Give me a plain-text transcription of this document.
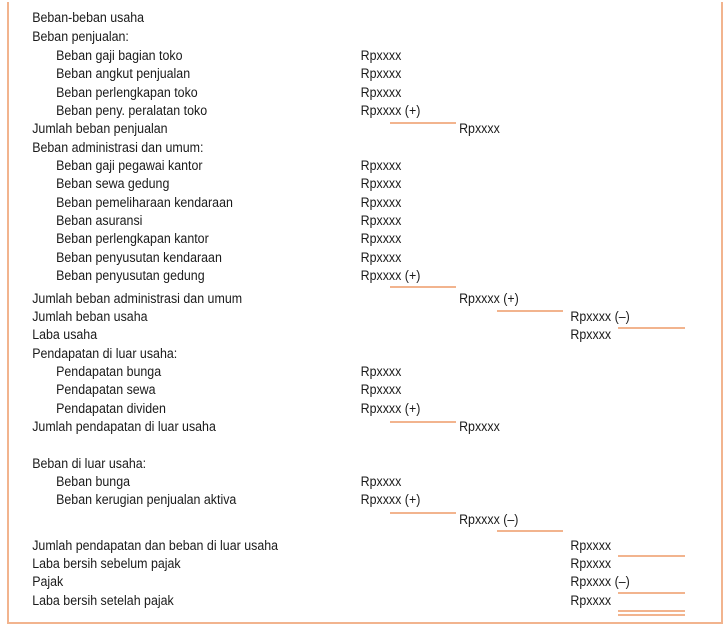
Beban-beban usaha
Beban penjualan:
Beban gaji bagian toko	Rpxxxx
Beban angkut penjualan	Rpxxxx
Beban perlengkapan toko	Rpxxxx
Beban peny. peralatan toko	Rpxxxx (+)
Jumlah beban penjualan	Rpxxxx
Beban administrasi dan umum:
Beban gaji pegawai kantor	Rpxxxx
Beban sewa gedung	Rpxxxx
Beban pemeliharaan kendaraan	Rpxxxx
Beban asuransi	Rpxxxx
Beban perlengkapan kantor	Rpxxxx
Beban penyusutan kendaraan	Rpxxxx
Beban penyusutan gedung	Rpxxxx (+)
Jumlah beban administrasi dan umum	Rpxxxx (+)
Jumlah beban usaha	Rpxxxx (–)
Laba usaha	Rpxxxx
Pendapatan di luar usaha:
Pendapatan bunga	Rpxxxx
Pendapatan sewa	Rpxxxx
Pendapatan dividen	Rpxxxx (+)
Jumlah pendapatan di luar usaha	Rpxxxx
Beban di luar usaha:
Beban bunga	Rpxxxx
Beban kerugian penjualan aktiva	Rpxxxx (+)
Rpxxxx (–)
Jumlah pendapatan dan beban di luar usaha	Rpxxxx
Laba bersih sebelum pajak	Rpxxxx
Pajak	Rpxxxx (–)
Laba bersih setelah pajak	Rpxxxx
